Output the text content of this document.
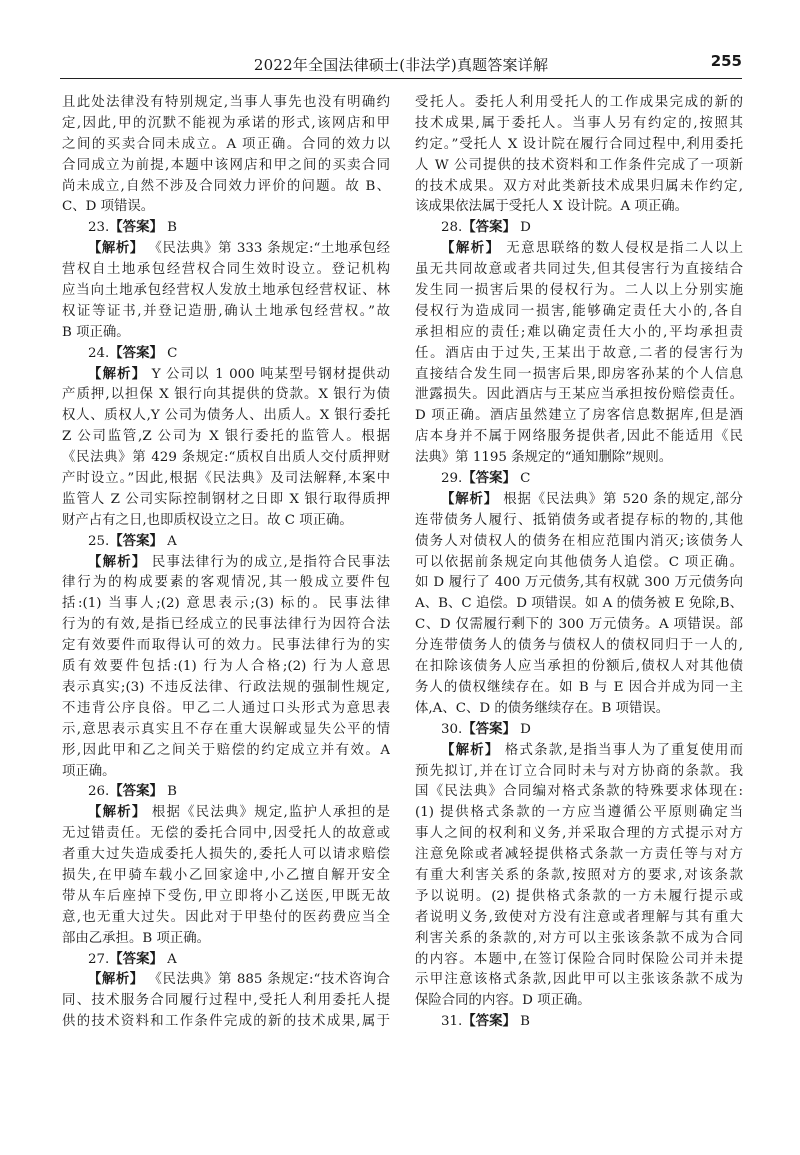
2022年全国法律硕士(非法学)真题答案详解	255
且此处法律没有特别规定,当事人事先也没有明确约
定,因此,甲的沉默不能视为承诺的形式,该网店和甲
之间的买卖合同未成立。A 项正确。合同的效力以
合同成立为前提,本题中该网店和甲之间的买卖合同
尚未成立,自然不涉及合同效力评价的问题。故 B、
C、D 项错误。
23.【答案】 B
【解析】 《民法典》第 333 条规定:“土地承包经
营权自土地承包经营权合同生效时设立。登记机构
应当向土地承包经营权人发放土地承包经营权证、林
权证等证书,并登记造册,确认土地承包经营权。”故
B 项正确。
24.【答案】 C
【解析】 Y 公司以 1 000 吨某型号钢材提供动
产质押,以担保 X 银行向其提供的贷款。X 银行为债
权人、质权人,Y 公司为债务人、出质人。X 银行委托
Z 公司监管,Z 公司为 X 银行委托的监管人。根据
《民法典》第 429 条规定:“质权自出质人交付质押财
产时设立。”因此,根据《民法典》及司法解释,本案中
监管人 Z 公司实际控制钢材之日即 X 银行取得质押
财产占有之日,也即质权设立之日。故 C 项正确。
25.【答案】 A
【解析】 民事法律行为的成立,是指符合民事法
律行为的构成要素的客观情况,其一般成立要件包
括:(1) 当事人;(2) 意思表示;(3) 标的。民事法律
行为的有效,是指已经成立的民事法律行为因符合法
定有效要件而取得认可的效力。民事法律行为的实
质有效要件包括:(1) 行为人合格;(2) 行为人意思
表示真实;(3) 不违反法律、行政法规的强制性规定,
不违背公序良俗。甲乙二人通过口头形式为意思表
示,意思表示真实且不存在重大误解或显失公平的情
形,因此甲和乙之间关于赔偿的约定成立并有效。A
项正确。
26.【答案】 B
【解析】 根据《民法典》规定,监护人承担的是
无过错责任。无偿的委托合同中,因受托人的故意或
者重大过失造成委托人损失的,委托人可以请求赔偿
损失,在甲骑车载小乙回家途中,小乙擅自解开安全
带从车后座掉下受伤,甲立即将小乙送医,甲既无故
意,也无重大过失。因此对于甲垫付的医药费应当全
部由乙承担。B 项正确。
27.【答案】 A
【解析】 《民法典》第 885 条规定:“技术咨询合
同、技术服务合同履行过程中,受托人利用委托人提
供的技术资料和工作条件完成的新的技术成果,属于
受托人。委托人利用受托人的工作成果完成的新的
技术成果,属于委托人。当事人另有约定的,按照其
约定。”受托人 X 设计院在履行合同过程中,利用委托
人 W 公司提供的技术资料和工作条件完成了一项新
的技术成果。双方对此类新技术成果归属未作约定,
该成果依法属于受托人 X 设计院。A 项正确。
28.【答案】 D
【解析】 无意思联络的数人侵权是指二人以上
虽无共同故意或者共同过失,但其侵害行为直接结合
发生同一损害后果的侵权行为。二人以上分别实施
侵权行为造成同一损害,能够确定责任大小的,各自
承担相应的责任;难以确定责任大小的,平均承担责
任。酒店由于过失,王某出于故意,二者的侵害行为
直接结合发生同一损害后果,即房客孙某的个人信息
泄露损失。因此酒店与王某应当承担按份赔偿责任。
D 项正确。酒店虽然建立了房客信息数据库,但是酒
店本身并不属于网络服务提供者,因此不能适用《民
法典》第 1195 条规定的“通知删除”规则。
29.【答案】 C
【解析】 根据《民法典》第 520 条的规定,部分
连带债务人履行、抵销债务或者提存标的物的,其他
债务人对债权人的债务在相应范围内消灭;该债务人
可以依据前条规定向其他债务人追偿。C 项正确。
如 D 履行了 400 万元债务,其有权就 300 万元债务向
A、B、C 追偿。D 项错误。如 A 的债务被 E 免除,B、
C、D 仅需履行剩下的 300 万元债务。A 项错误。部
分连带债务人的债务与债权人的债权同归于一人的,
在扣除该债务人应当承担的份额后,债权人对其他债
务人的债权继续存在。如 B 与 E 因合并成为同一主
体,A、C、D 的债务继续存在。B 项错误。
30.【答案】 D
【解析】 格式条款,是指当事人为了重复使用而
预先拟订,并在订立合同时未与对方协商的条款。我
国《民法典》合同编对格式条款的特殊要求体现在:
(1) 提供格式条款的一方应当遵循公平原则确定当
事人之间的权利和义务,并采取合理的方式提示对方
注意免除或者减轻提供格式条款一方责任等与对方
有重大利害关系的条款,按照对方的要求,对该条款
予以说明。(2) 提供格式条款的一方未履行提示或
者说明义务,致使对方没有注意或者理解与其有重大
利害关系的条款的,对方可以主张该条款不成为合同
的内容。本题中,在签订保险合同时保险公司并未提
示甲注意该格式条款,因此甲可以主张该条款不成为
保险合同的内容。D 项正确。
31.【答案】 B
